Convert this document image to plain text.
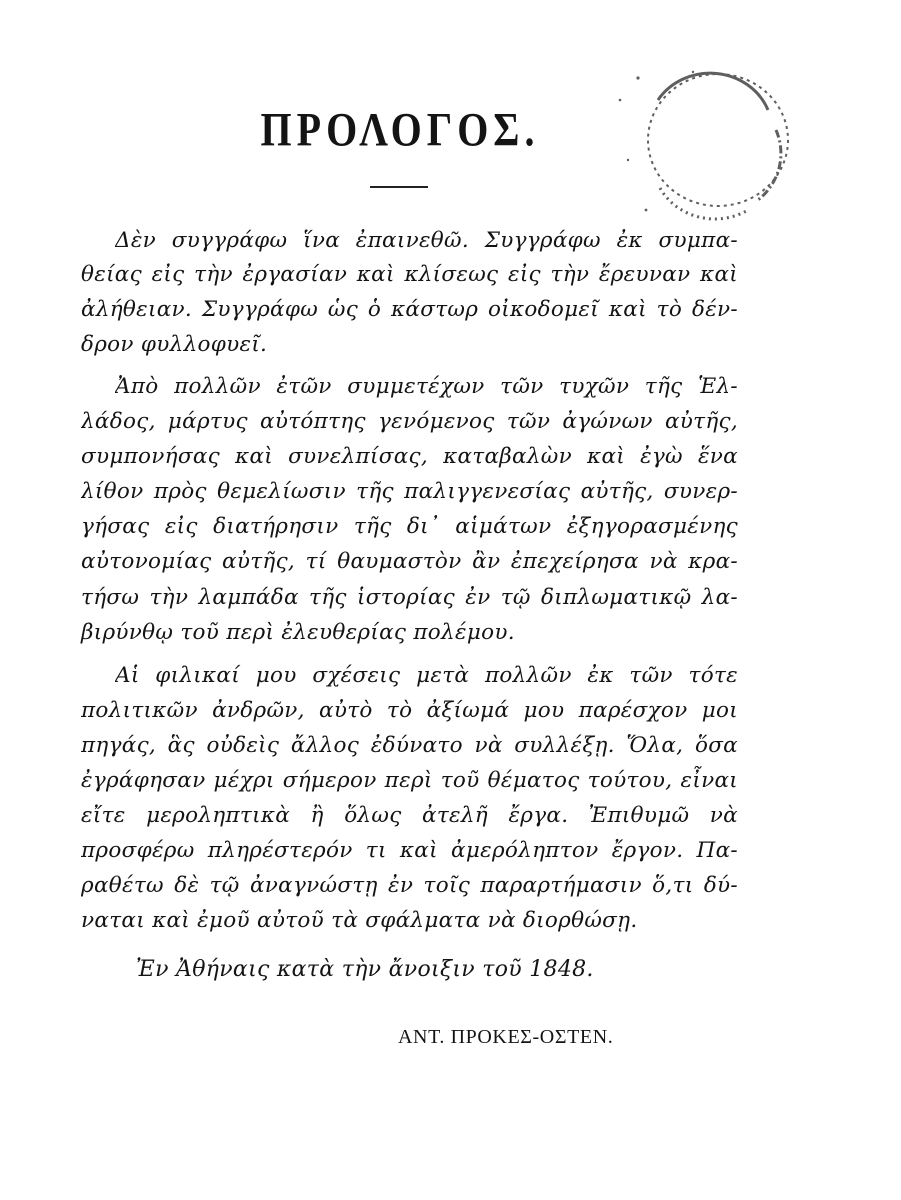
ΠΡΟΛΟΓΟΣ.
Δὲν συγγράφω ἵνα ἐπαινεθῶ. Συγγράφω ἐκ συμπα-
θείας εἰς τὴν ἐργασίαν καὶ κλίσεως εἰς τὴν ἔρευναν καὶ
ἀλήθειαν. Συγγράφω ὡς ὁ κάστωρ οἰκοδομεῖ καὶ τὸ δέν-
δρον φυλλοφυεῖ.
Ἀπὸ πολλῶν ἐτῶν συμμετέχων τῶν τυχῶν τῆς Ἑλ-
λάδος, μάρτυς αὐτόπτης γενόμενος τῶν ἀγώνων αὐτῆς,
συμπονήσας καὶ συνελπίσας, καταβαλὼν καὶ ἐγὼ ἕνα
λίθον πρὸς θεμελίωσιν τῆς παλιγγενεσίας αὐτῆς, συνερ-
γήσας εἰς διατήρησιν τῆς δι᾽ αἱμάτων ἐξηγορασμένης
αὐτονομίας αὐτῆς, τί θαυμαστὸν ἂν ἐπεχείρησα νὰ κρα-
τήσω τὴν λαμπάδα τῆς ἱστορίας ἐν τῷ διπλωματικῷ λα-
βιρύνθῳ τοῦ περὶ ἐλευθερίας πολέμου.
Αἱ φιλικαί μου σχέσεις μετὰ πολλῶν ἐκ τῶν τότε
πολιτικῶν ἀνδρῶν, αὐτὸ τὸ ἀξίωμά μου παρέσχον μοι
πηγάς, ἃς οὐδεὶς ἄλλος ἐδύνατο νὰ συλλέξῃ. Ὅλα, ὅσα
ἐγράφησαν μέχρι σήμερον περὶ τοῦ θέματος τούτου, εἶναι
εἴτε μεροληπτικὰ ἢ ὅλως ἀτελῆ ἔργα. Ἐπιθυμῶ νὰ
προσφέρω πληρέστερόν τι καὶ ἀμερόληπτον ἔργον. Πα-
ραθέτω δὲ τῷ ἀναγνώστῃ ἐν τοῖς παραρτήμασιν ὅ,τι δύ-
ναται καὶ ἐμοῦ αὐτοῦ τὰ σφάλματα νὰ διορθώσῃ.
Ἐν Ἀθήναις κατὰ τὴν ἄνοιξιν τοῦ 1848.
ΑΝΤ. ΠΡΟΚΕΣ-ΟΣΤΕΝ.
